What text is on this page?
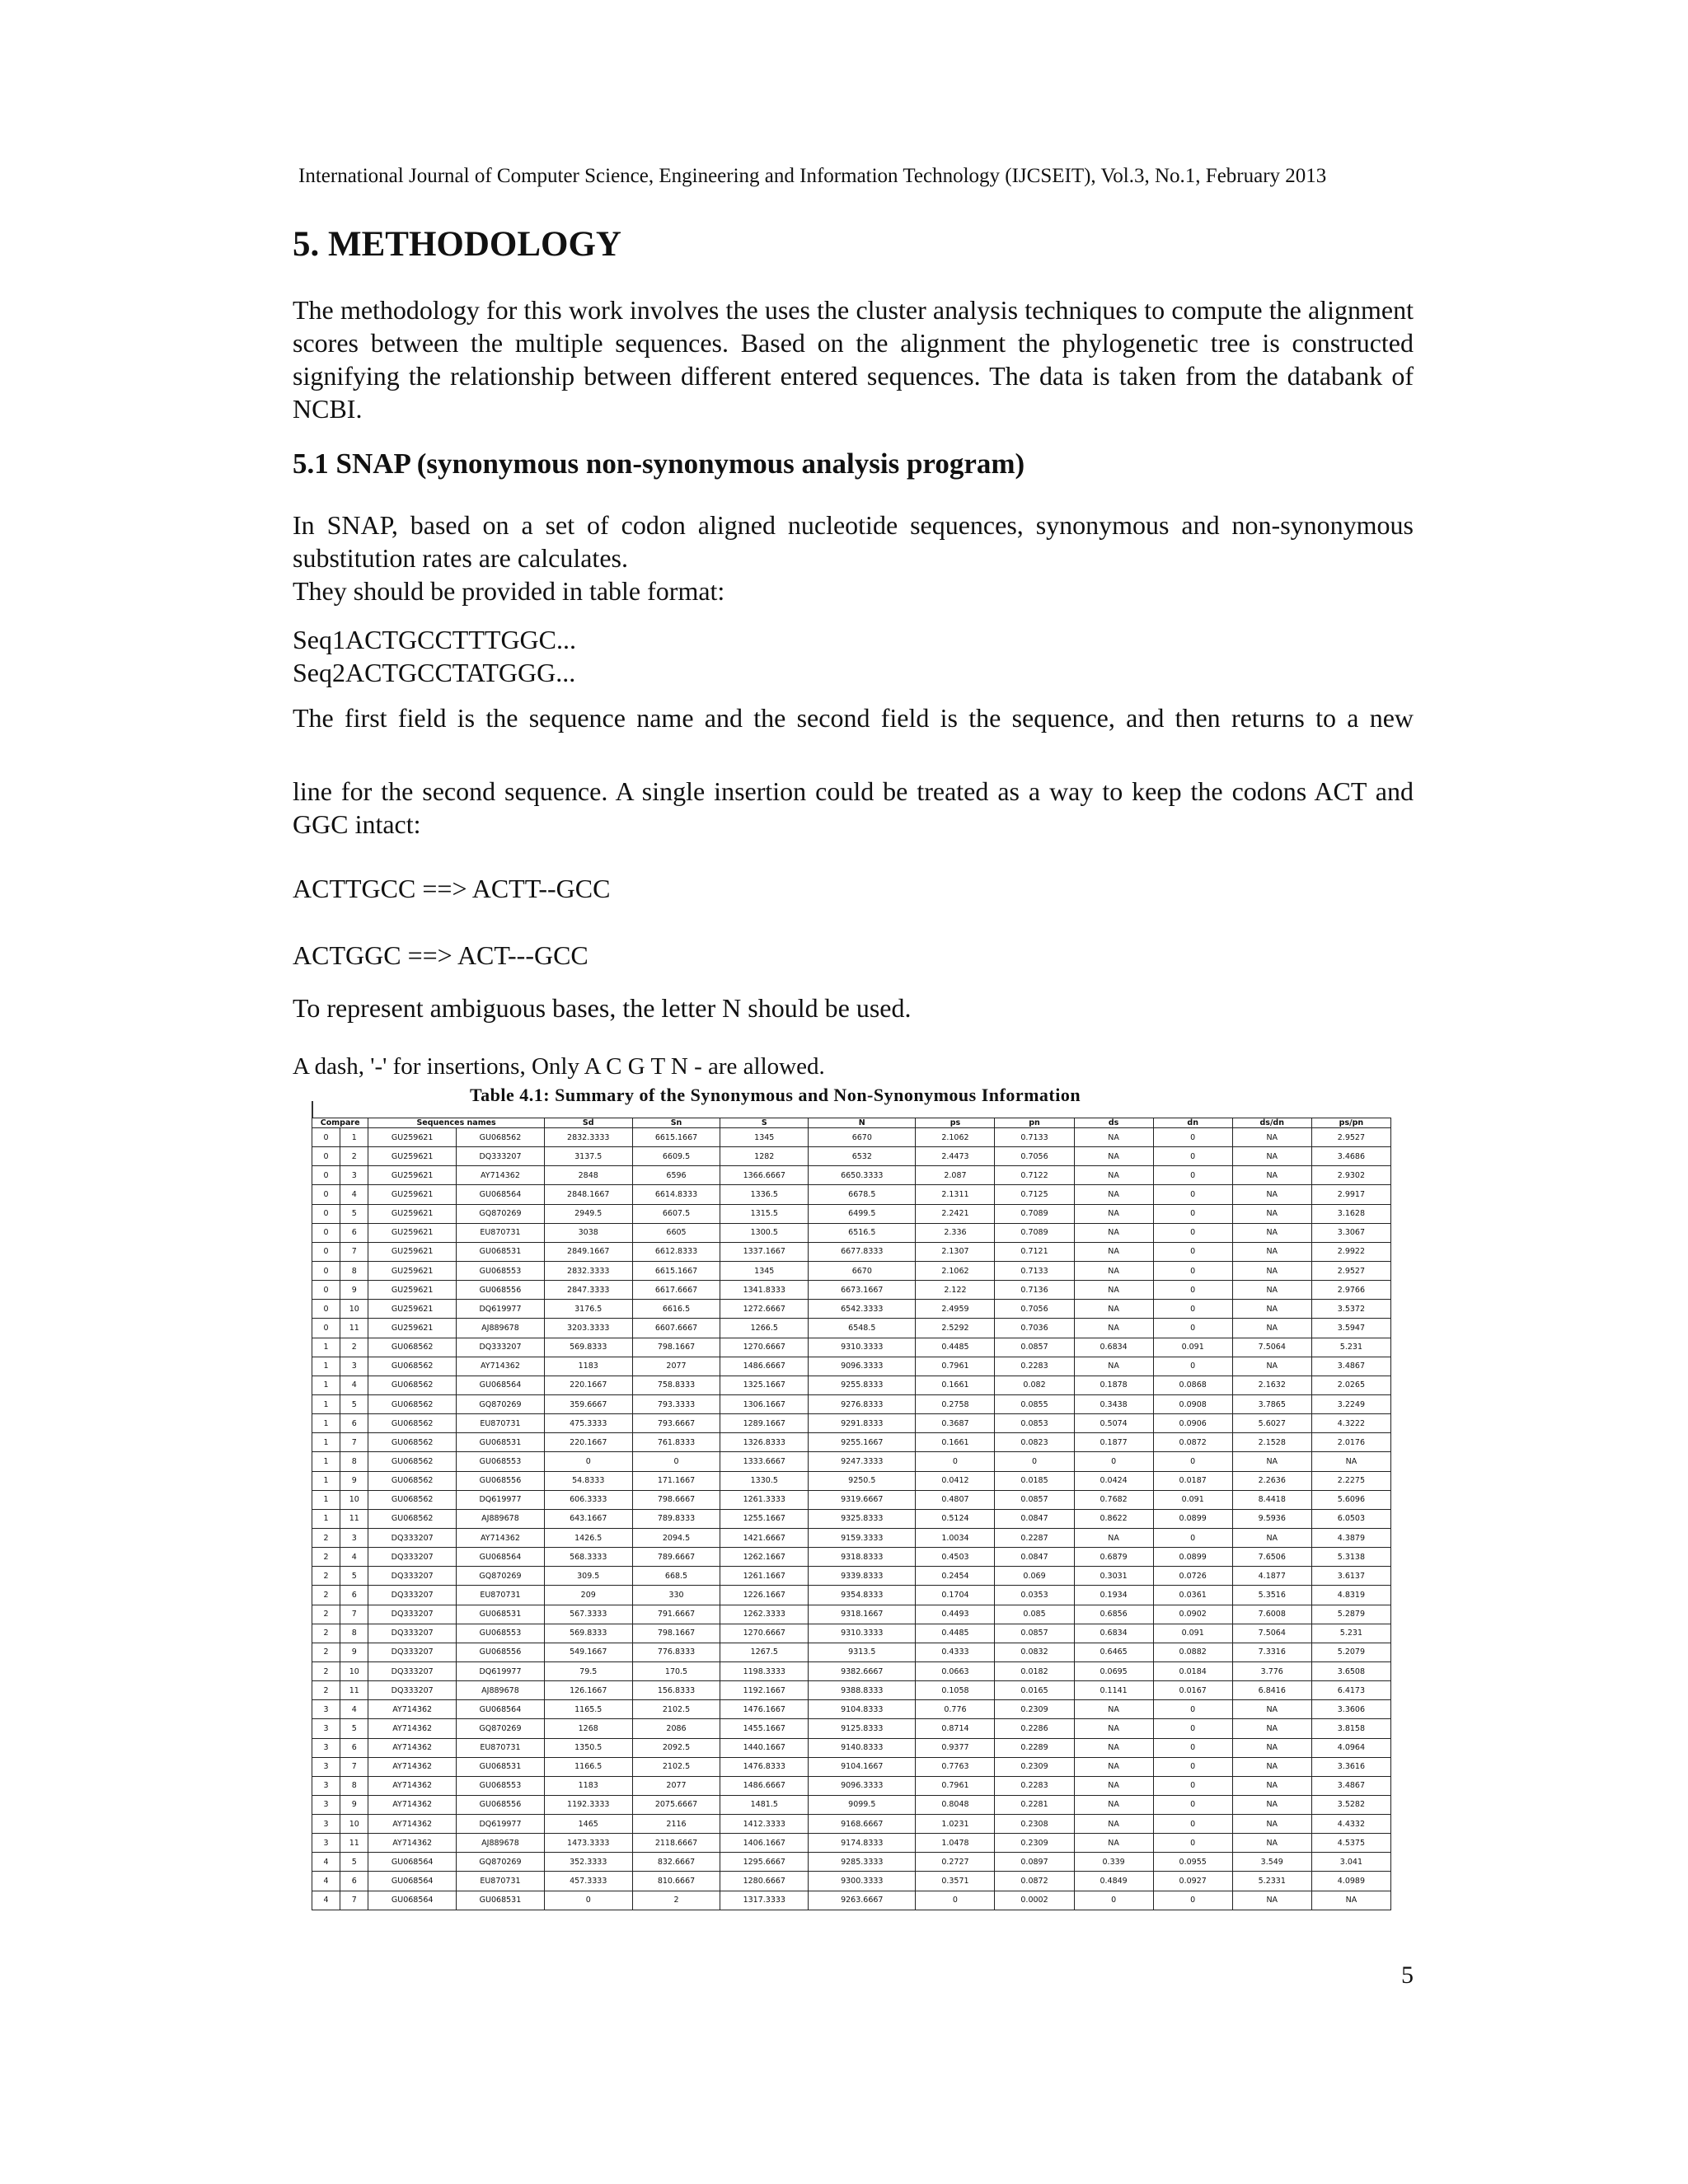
International Journal of Computer Science, Engineering and Information Technology (IJCSEIT), Vol.3, No.1, February 2013
5. METHODOLOGY
The methodology for this work involves the uses the cluster analysis techniques to compute the alignment scores between the multiple sequences. Based on the alignment the phylogenetic tree is constructed signifying the relationship between different entered sequences. The data is taken from the databank of NCBI.
5.1 SNAP (synonymous non-synonymous analysis program)
In SNAP, based on a set of codon aligned nucleotide sequences, synonymous and non-synonymous substitution rates are calculates.
They should be provided in table format:
Seq1ACTGCCTTTGGC...
Seq2ACTGCCTATGGG...
The first field is the sequence name and the second field is the sequence, and then returns to a new
line for the second sequence. A single insertion could be treated as a way to keep the codons ACT and GGC intact:
ACTTGCC ==> ACTT--GCC
ACTGGC ==> ACT---GCC
To represent ambiguous bases, the letter N should be used.
A dash, '-' for insertions, Only A C G T N - are allowed.
Table 4.1: Summary of the Synonymous and Non-Synonymous Information
Compare		Sequences names		Sd	Sn	S	N	ps	pn	ds	dn	ds/dn	ps/pn
0	1	GU259621	GU068562	2832.3333	6615.1667	1345	6670	2.1062	0.7133	NA	0	NA	2.9527
0	2	GU259621	DQ333207	3137.5	6609.5	1282	6532	2.4473	0.7056	NA	0	NA	3.4686
0	3	GU259621	AY714362	2848	6596	1366.6667	6650.3333	2.087	0.7122	NA	0	NA	2.9302
0	4	GU259621	GU068564	2848.1667	6614.8333	1336.5	6678.5	2.1311	0.7125	NA	0	NA	2.9917
0	5	GU259621	GQ870269	2949.5	6607.5	1315.5	6499.5	2.2421	0.7089	NA	0	NA	3.1628
0	6	GU259621	EU870731	3038	6605	1300.5	6516.5	2.336	0.7089	NA	0	NA	3.3067
0	7	GU259621	GU068531	2849.1667	6612.8333	1337.1667	6677.8333	2.1307	0.7121	NA	0	NA	2.9922
0	8	GU259621	GU068553	2832.3333	6615.1667	1345	6670	2.1062	0.7133	NA	0	NA	2.9527
0	9	GU259621	GU068556	2847.3333	6617.6667	1341.8333	6673.1667	2.122	0.7136	NA	0	NA	2.9766
0	10	GU259621	DQ619977	3176.5	6616.5	1272.6667	6542.3333	2.4959	0.7056	NA	0	NA	3.5372
0	11	GU259621	AJ889678	3203.3333	6607.6667	1266.5	6548.5	2.5292	0.7036	NA	0	NA	3.5947
1	2	GU068562	DQ333207	569.8333	798.1667	1270.6667	9310.3333	0.4485	0.0857	0.6834	0.091	7.5064	5.231
1	3	GU068562	AY714362	1183	2077	1486.6667	9096.3333	0.7961	0.2283	NA	0	NA	3.4867
1	4	GU068562	GU068564	220.1667	758.8333	1325.1667	9255.8333	0.1661	0.082	0.1878	0.0868	2.1632	2.0265
1	5	GU068562	GQ870269	359.6667	793.3333	1306.1667	9276.8333	0.2758	0.0855	0.3438	0.0908	3.7865	3.2249
1	6	GU068562	EU870731	475.3333	793.6667	1289.1667	9291.8333	0.3687	0.0853	0.5074	0.0906	5.6027	4.3222
1	7	GU068562	GU068531	220.1667	761.8333	1326.8333	9255.1667	0.1661	0.0823	0.1877	0.0872	2.1528	2.0176
1	8	GU068562	GU068553	0	0	1333.6667	9247.3333	0	0	0	0	NA	NA
1	9	GU068562	GU068556	54.8333	171.1667	1330.5	9250.5	0.0412	0.0185	0.0424	0.0187	2.2636	2.2275
1	10	GU068562	DQ619977	606.3333	798.6667	1261.3333	9319.6667	0.4807	0.0857	0.7682	0.091	8.4418	5.6096
1	11	GU068562	AJ889678	643.1667	789.8333	1255.1667	9325.8333	0.5124	0.0847	0.8622	0.0899	9.5936	6.0503
2	3	DQ333207	AY714362	1426.5	2094.5	1421.6667	9159.3333	1.0034	0.2287	NA	0	NA	4.3879
2	4	DQ333207	GU068564	568.3333	789.6667	1262.1667	9318.8333	0.4503	0.0847	0.6879	0.0899	7.6506	5.3138
2	5	DQ333207	GQ870269	309.5	668.5	1261.1667	9339.8333	0.2454	0.069	0.3031	0.0726	4.1877	3.6137
2	6	DQ333207	EU870731	209	330	1226.1667	9354.8333	0.1704	0.0353	0.1934	0.0361	5.3516	4.8319
2	7	DQ333207	GU068531	567.3333	791.6667	1262.3333	9318.1667	0.4493	0.085	0.6856	0.0902	7.6008	5.2879
2	8	DQ333207	GU068553	569.8333	798.1667	1270.6667	9310.3333	0.4485	0.0857	0.6834	0.091	7.5064	5.231
2	9	DQ333207	GU068556	549.1667	776.8333	1267.5	9313.5	0.4333	0.0832	0.6465	0.0882	7.3316	5.2079
2	10	DQ333207	DQ619977	79.5	170.5	1198.3333	9382.6667	0.0663	0.0182	0.0695	0.0184	3.776	3.6508
2	11	DQ333207	AJ889678	126.1667	156.8333	1192.1667	9388.8333	0.1058	0.0165	0.1141	0.0167	6.8416	6.4173
3	4	AY714362	GU068564	1165.5	2102.5	1476.1667	9104.8333	0.776	0.2309	NA	0	NA	3.3606
3	5	AY714362	GQ870269	1268	2086	1455.1667	9125.8333	0.8714	0.2286	NA	0	NA	3.8158
3	6	AY714362	EU870731	1350.5	2092.5	1440.1667	9140.8333	0.9377	0.2289	NA	0	NA	4.0964
3	7	AY714362	GU068531	1166.5	2102.5	1476.8333	9104.1667	0.7763	0.2309	NA	0	NA	3.3616
3	8	AY714362	GU068553	1183	2077	1486.6667	9096.3333	0.7961	0.2283	NA	0	NA	3.4867
3	9	AY714362	GU068556	1192.3333	2075.6667	1481.5	9099.5	0.8048	0.2281	NA	0	NA	3.5282
3	10	AY714362	DQ619977	1465	2116	1412.3333	9168.6667	1.0231	0.2308	NA	0	NA	4.4332
3	11	AY714362	AJ889678	1473.3333	2118.6667	1406.1667	9174.8333	1.0478	0.2309	NA	0	NA	4.5375
4	5	GU068564	GQ870269	352.3333	832.6667	1295.6667	9285.3333	0.2727	0.0897	0.339	0.0955	3.549	3.041
4	6	GU068564	EU870731	457.3333	810.6667	1280.6667	9300.3333	0.3571	0.0872	0.4849	0.0927	5.2331	4.0989
4	7	GU068564	GU068531	0	2	1317.3333	9263.6667	0	0.0002	0	0	NA	NA
5
